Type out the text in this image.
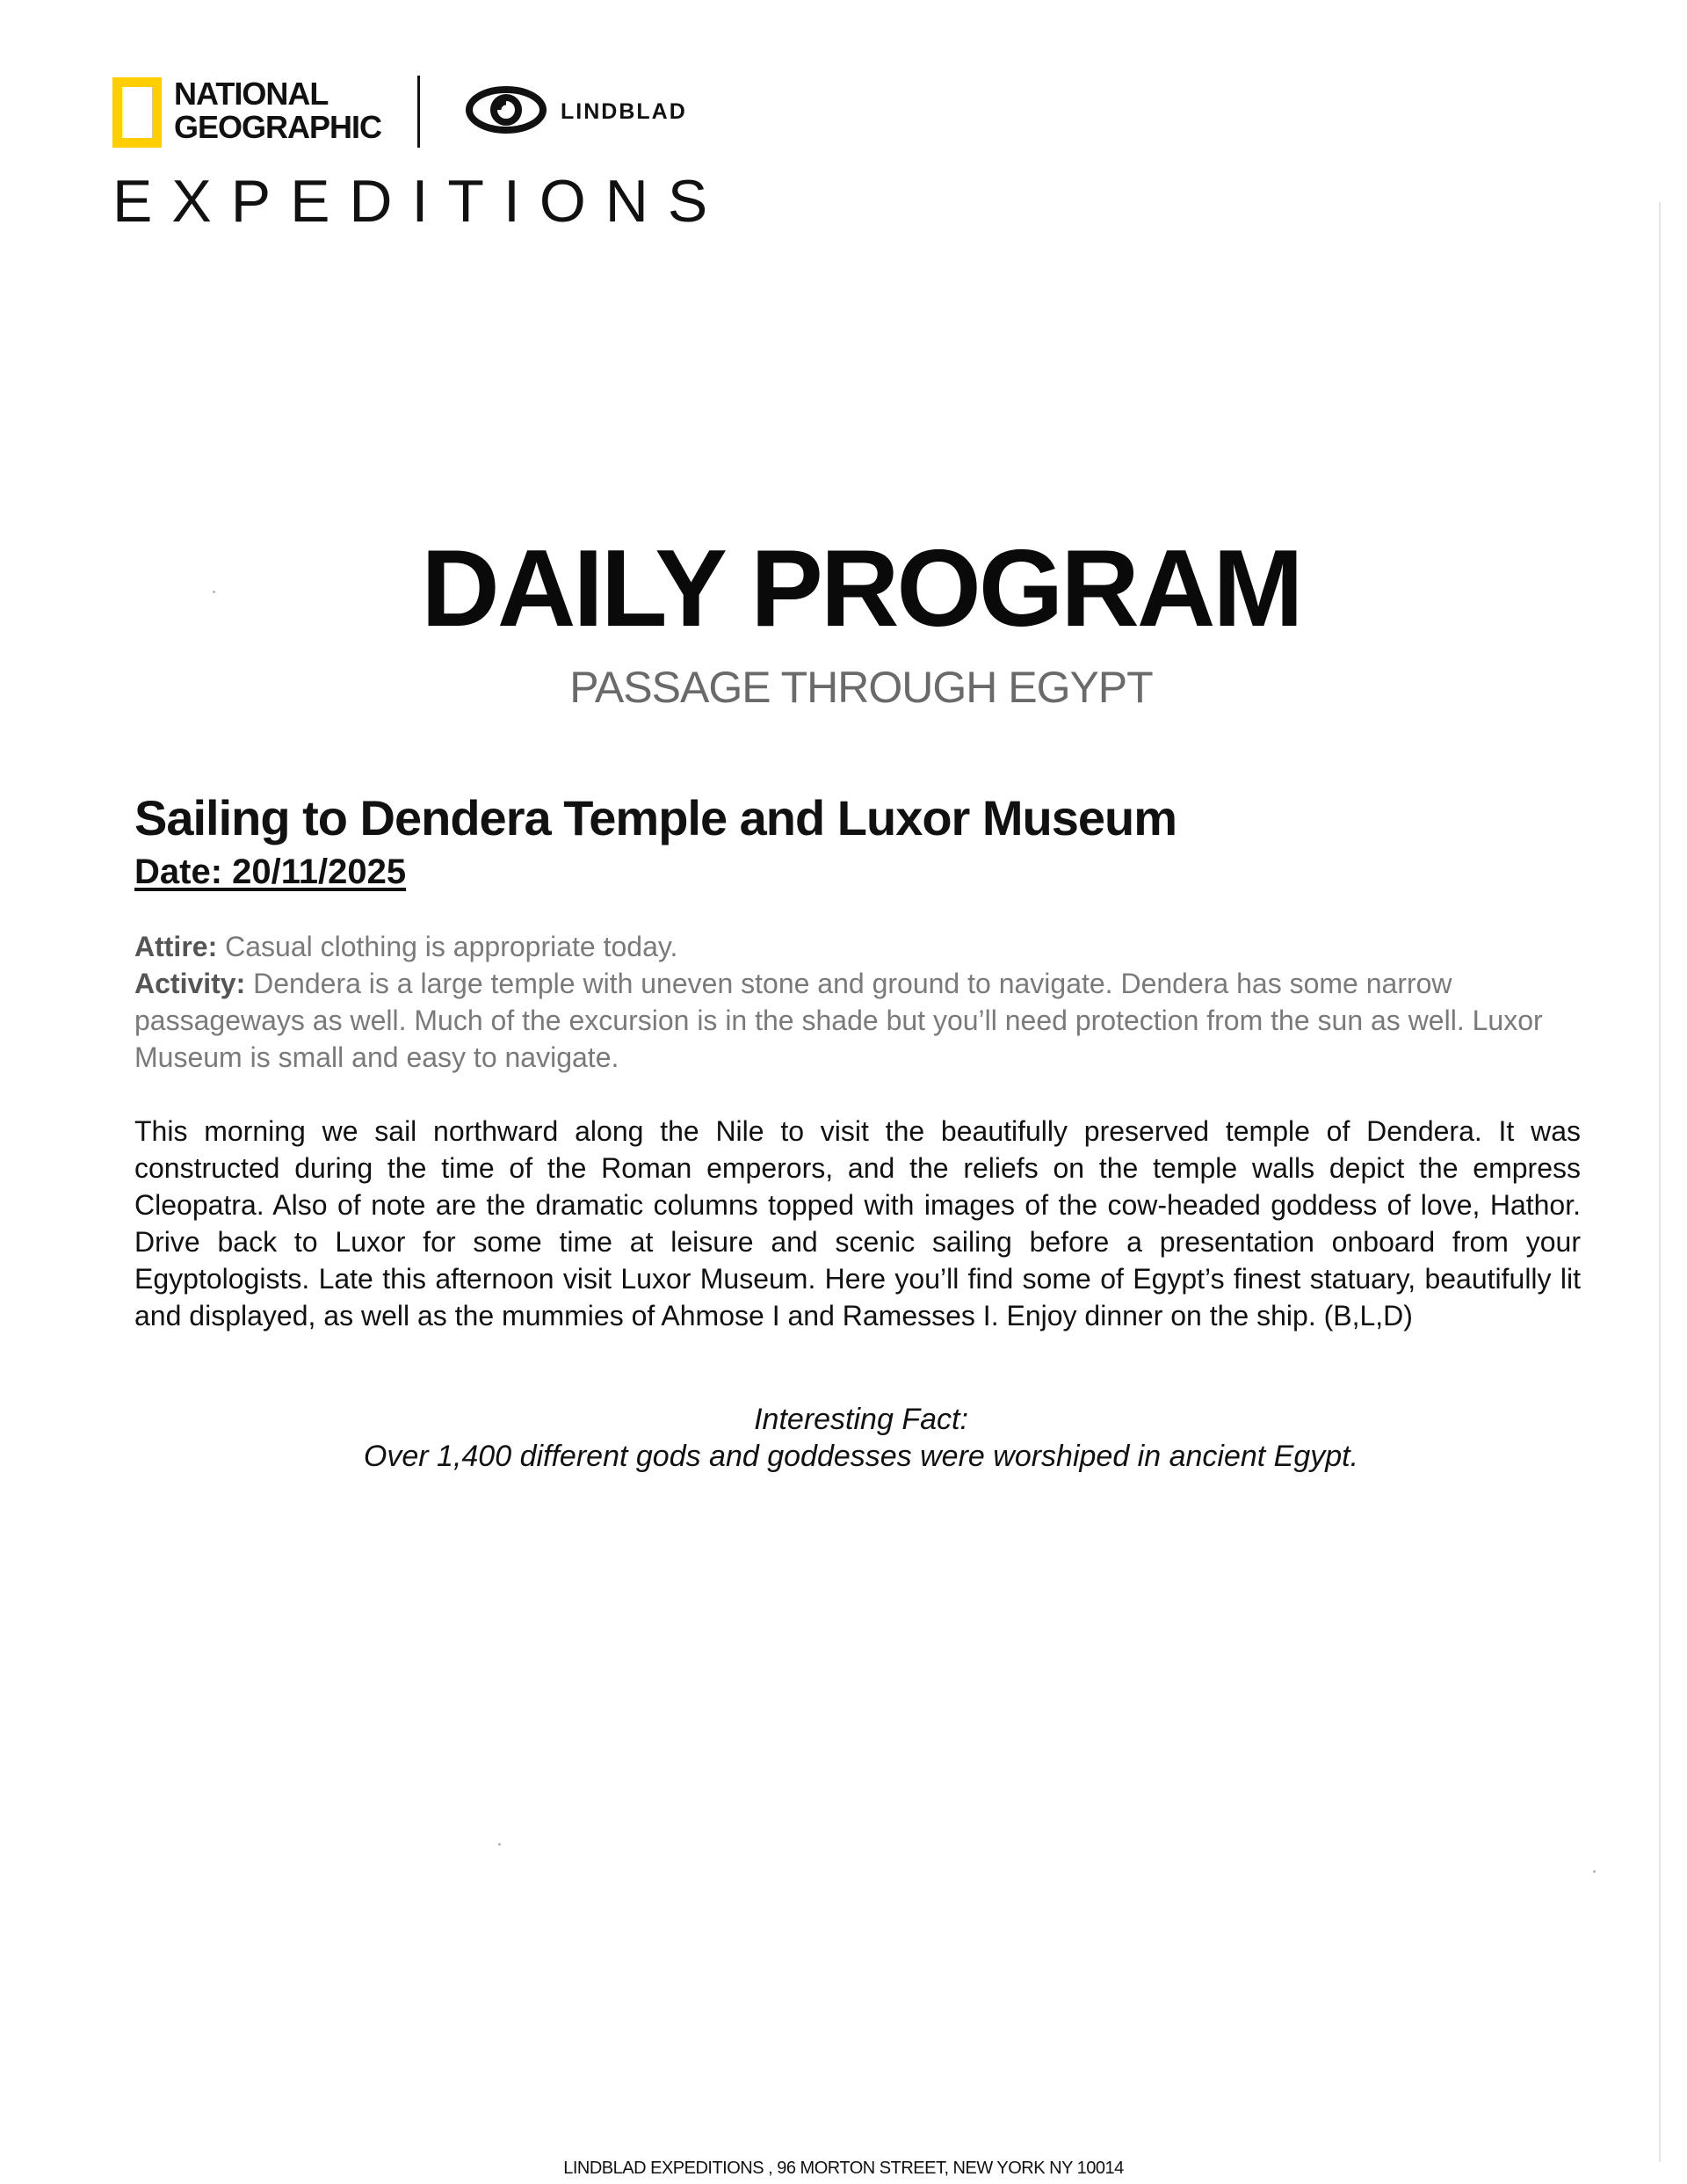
NATIONAL
GEOGRAPHIC	LINDBLAD
EXPEDITIONS
DAILY PROGRAM
PASSAGE THROUGH EGYPT
Sailing to Dendera Temple and Luxor Museum
Date: 20/11/2025
Attire: Casual clothing is appropriate today.
Activity: Dendera is a large temple with uneven stone and ground to navigate. Dendera has some narrow passageways as well. Much of the excursion is in the shade but you’ll need protection from the sun as well. Luxor Museum is small and easy to navigate.
This morning we sail northward along the Nile to visit the beautifully preserved temple of Dendera. It was constructed during the time of the Roman emperors, and the reliefs on the temple walls depict the empress Cleopatra. Also of note are the dramatic columns topped with images of the cow-headed goddess of love, Hathor. Drive back to Luxor for some time at leisure and scenic sailing before a presentation onboard from your Egyptologists. Late this afternoon visit Luxor Museum. Here you’ll find some of Egypt’s finest statuary, beautifully lit and displayed, as well as the mummies of Ahmose I and Ramesses I. Enjoy dinner on the ship. (B,L,D)
Interesting Fact:
Over 1,400 different gods and goddesses were worshiped in ancient Egypt.
LINDBLAD EXPEDITIONS , 96 MORTON STREET, NEW YORK NY 10014
